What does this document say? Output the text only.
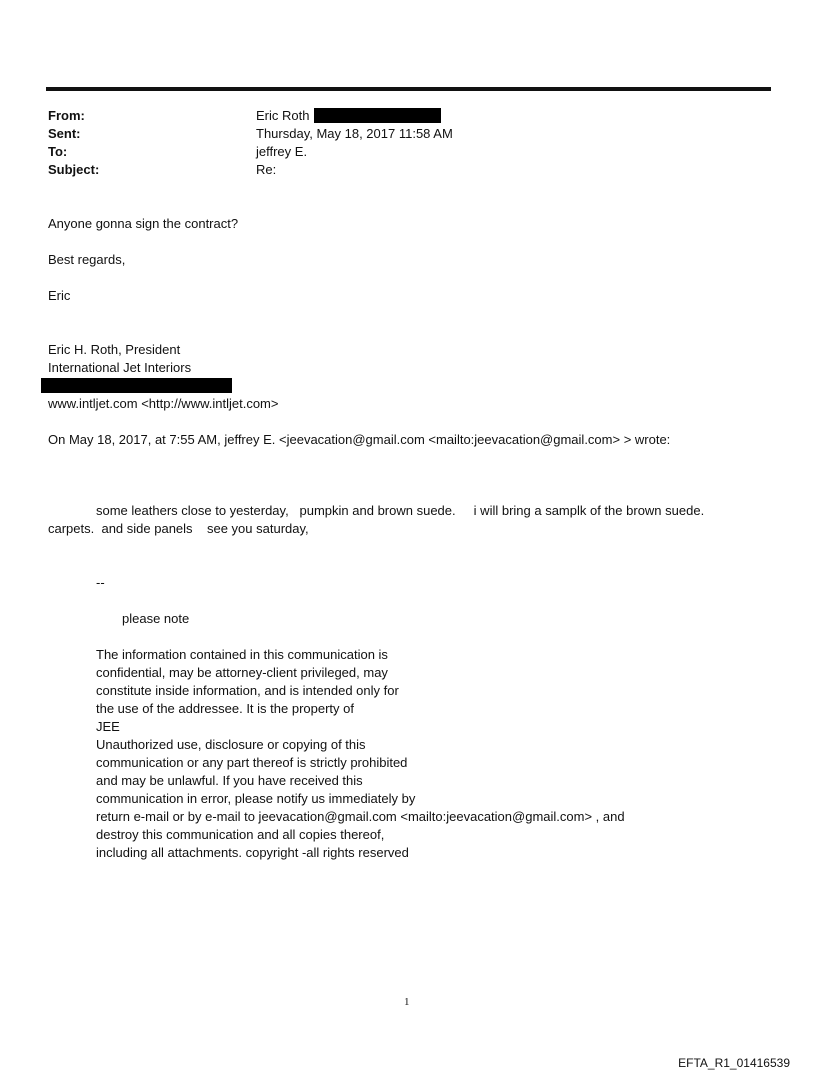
From:	Eric Roth
Sent:	Thursday, May 18, 2017 11:58 AM
To:	jeffrey E.
Subject:	Re:
Anyone gonna sign the contract?
Best regards,
Eric
Eric H. Roth, President
International Jet Interiors
www.intljet.com <http://www.intljet.com>
On May 18, 2017, at 7:55 AM, jeffrey E. <jeevacation@gmail.com <mailto:jeevacation@gmail.com> > wrote:
some leathers close to yesterday,   pumpkin and brown suede.     i will bring a samplk of the brown suede.
carpets.  and side panels    see you saturday,
--
please note
The information contained in this communication is
confidential, may be attorney-client privileged, may
constitute inside information, and is intended only for
the use of the addressee. It is the property of
JEE
Unauthorized use, disclosure or copying of this
communication or any part thereof is strictly prohibited
and may be unlawful. If you have received this
communication in error, please notify us immediately by
return e-mail or by e-mail to jeevacation@gmail.com <mailto:jeevacation@gmail.com> , and
destroy this communication and all copies thereof,
including all attachments. copyright -all rights reserved
1
EFTA_R1_01416539
